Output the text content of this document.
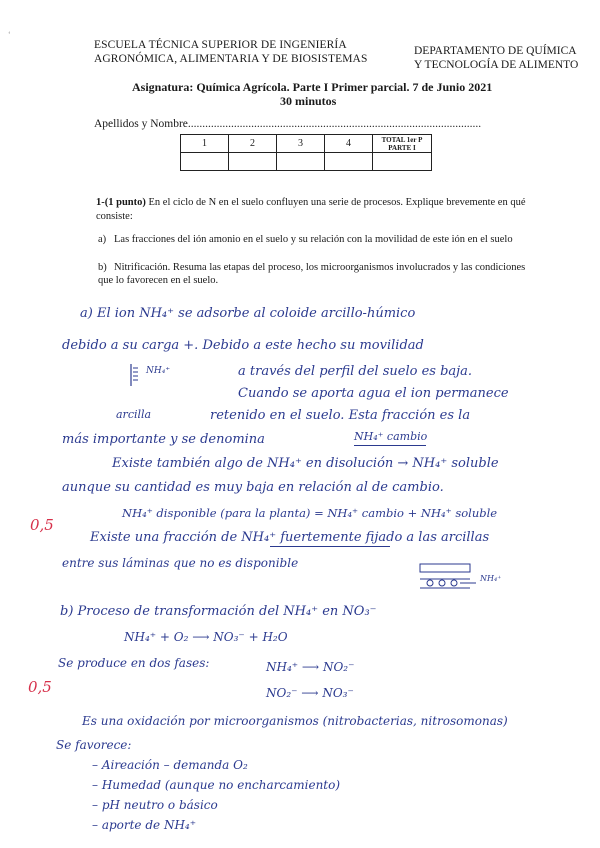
ʻ
ESCUELA TÉCNICA SUPERIOR DE INGENIERÍA
AGRONÓMICA, ALIMENTARIA Y DE BIOSISTEMAS
DEPARTAMENTO DE QUÍMICA
Y TECNOLOGÍA DE ALIMENTO
Asignatura: Química Agrícola. Parte I Primer parcial. 7 de Junio 2021
30 minutos
Apellidos y Nombre......................................................................................................
1	2	3	4	TOTAL 1er P
PARTE I

1-(1 punto) En el ciclo de N en el suelo confluyen una serie de procesos. Explique brevemente en qué consiste:
a) Las fracciones del ión amonio en el suelo y su relación con la movilidad de este ión en el suelo
b) Nitrificación. Resuma las etapas del proceso, los microorganismos involucrados y las condiciones que lo favorecen en el suelo.
a) El ion NH₄⁺ se adsorbe al coloide arcillo-húmico
debido a su carga +. Debido a este hecho su movilidad
NH₄⁺	a través del perfil del suelo es baja.
Cuando se aporta agua el ion permanece
arcilla	retenido en el suelo. Esta fracción es la
más importante y se denomina	NH₄⁺ cambio
Existe también algo de NH₄⁺ en disolución → NH₄⁺ soluble
aunque su cantidad es muy baja en relación al de cambio.
0,5
NH₄⁺ disponible (para la planta) = NH₄⁺ cambio + NH₄⁺ soluble
Existe una fracción de NH₄⁺ fuertemente fijado a las arcillas
entre sus láminas que no es disponible
NH₄⁺
b) Proceso de transformación del NH₄⁺ en NO₃⁻
NH₄⁺ + O₂ ⟶ NO₃⁻ + H₂O
Se produce en dos fases:	NH₄⁺ ⟶ NO₂⁻
0,5	NO₂⁻ ⟶ NO₃⁻
Es una oxidación por microorganismos (nitrobacterias, nitrosomonas)
Se favorece:
– Aireación – demanda O₂
– Humedad (aunque no encharcamiento)
– pH neutro o básico
– aporte de NH₄⁺
